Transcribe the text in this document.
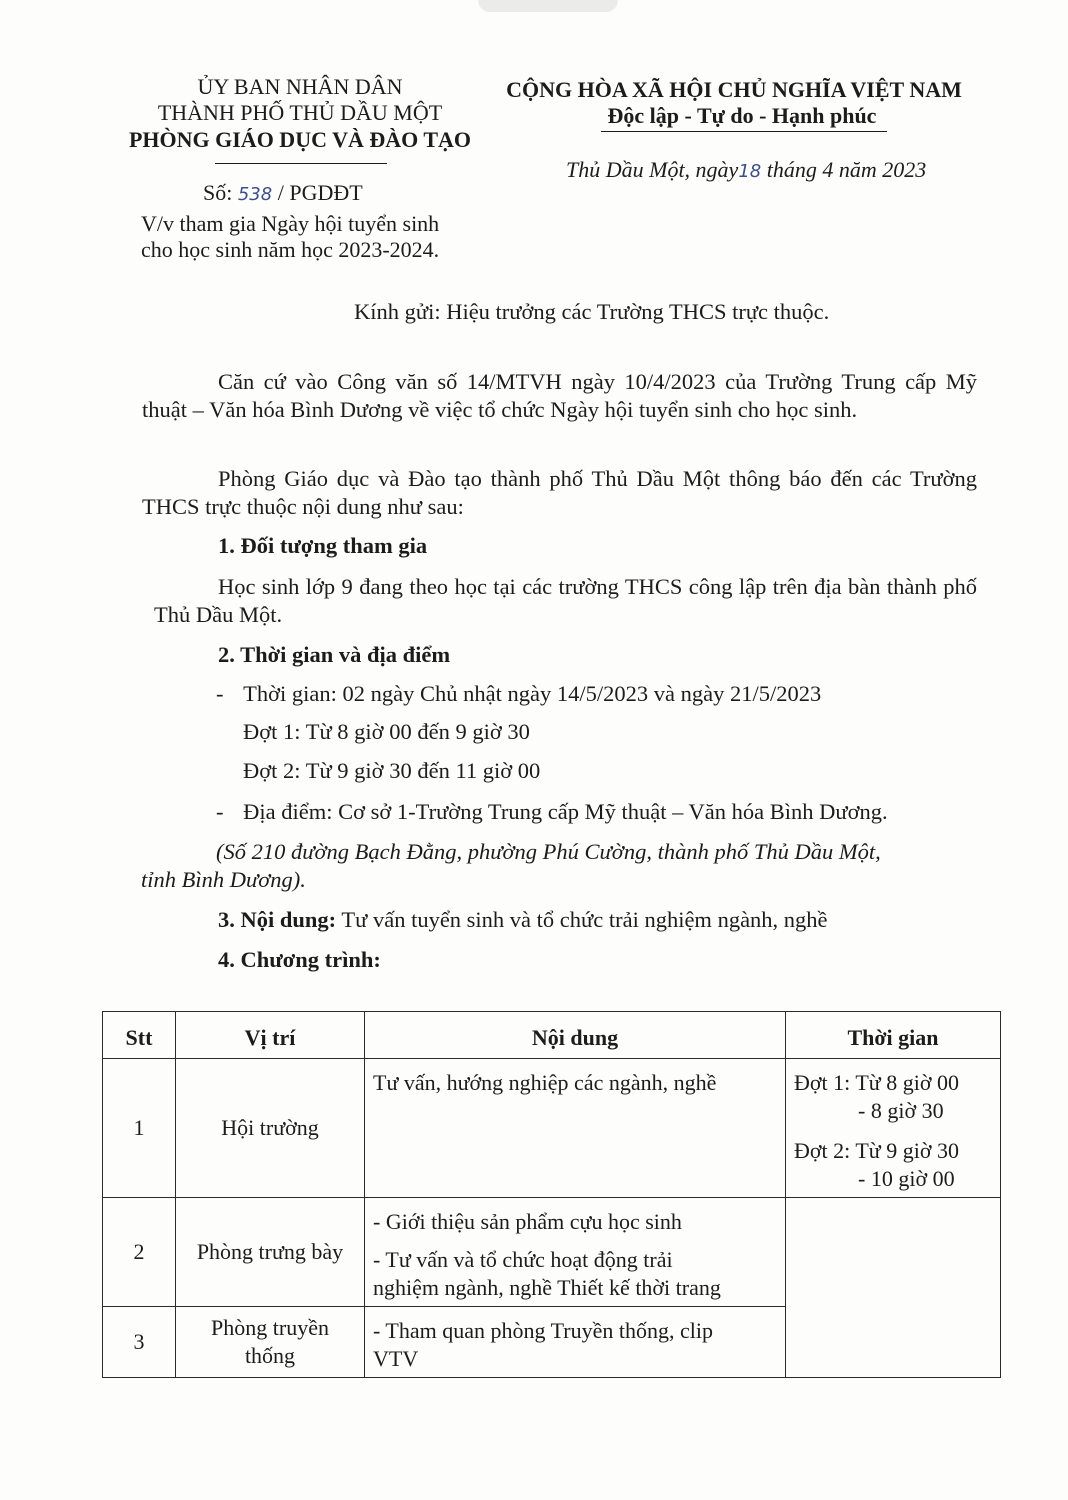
ỦY BAN NHÂN DÂN
THÀNH PHỐ THỦ DẦU MỘT
PHÒNG GIÁO DỤC VÀ ĐÀO TẠO
Số: 538 / PGDĐT
V/v tham gia Ngày hội tuyển sinh
cho học sinh năm học 2023-2024.
CỘNG HÒA XÃ HỘI CHỦ NGHĨA VIỆT NAM
Độc lập - Tự do - Hạnh phúc
Thủ Dầu Một, ngày18 tháng 4 năm 2023
Kính gửi: Hiệu trưởng các Trường THCS trực thuộc.
Căn cứ vào Công văn số 14/MTVH ngày 10/4/2023 của Trường Trung cấp Mỹ thuật – Văn hóa Bình Dương về việc tổ chức Ngày hội tuyển sinh cho học sinh.
Phòng Giáo dục và Đào tạo thành phố Thủ Dầu Một thông báo đến các Trường THCS trực thuộc nội dung như sau:
1. Đối tượng tham gia
Học sinh lớp 9 đang theo học tại các trường THCS công lập trên địa bàn thành phố Thủ Dầu Một.
2. Thời gian và địa điểm
- Thời gian: 02 ngày Chủ nhật ngày 14/5/2023 và ngày 21/5/2023
Đợt 1: Từ 8 giờ 00 đến 9 giờ 30
Đợt 2: Từ 9 giờ 30 đến 11 giờ 00
- Địa điểm: Cơ sở 1-Trường Trung cấp Mỹ thuật – Văn hóa Bình Dương.
(Số 210 đường Bạch Đằng, phường Phú Cường, thành phố Thủ Dầu Một,
tỉnh Bình Dương).
3. Nội dung: Tư vấn tuyển sinh và tổ chức trải nghiệm ngành, nghề
4. Chương trình:
Stt	Vị trí	Nội dung	Thời gian
1	Hội trường	Tư vấn, hướng nghiệp các ngành, nghề	Đợt 1: Từ 8 giờ 00
- 8 giờ 30
Đợt 2: Từ 9 giờ 30
- 10 giờ 00

2	Phòng trưng bày	- Giới thiệu sản phẩm cựu học sinh
- Tư vấn và tổ chức hoạt động trải
nghiệm ngành, nghề Thiết kế thời trang	

3	Phòng truyền
thống	- Tham quan phòng Truyền thống, clip
VTV	
